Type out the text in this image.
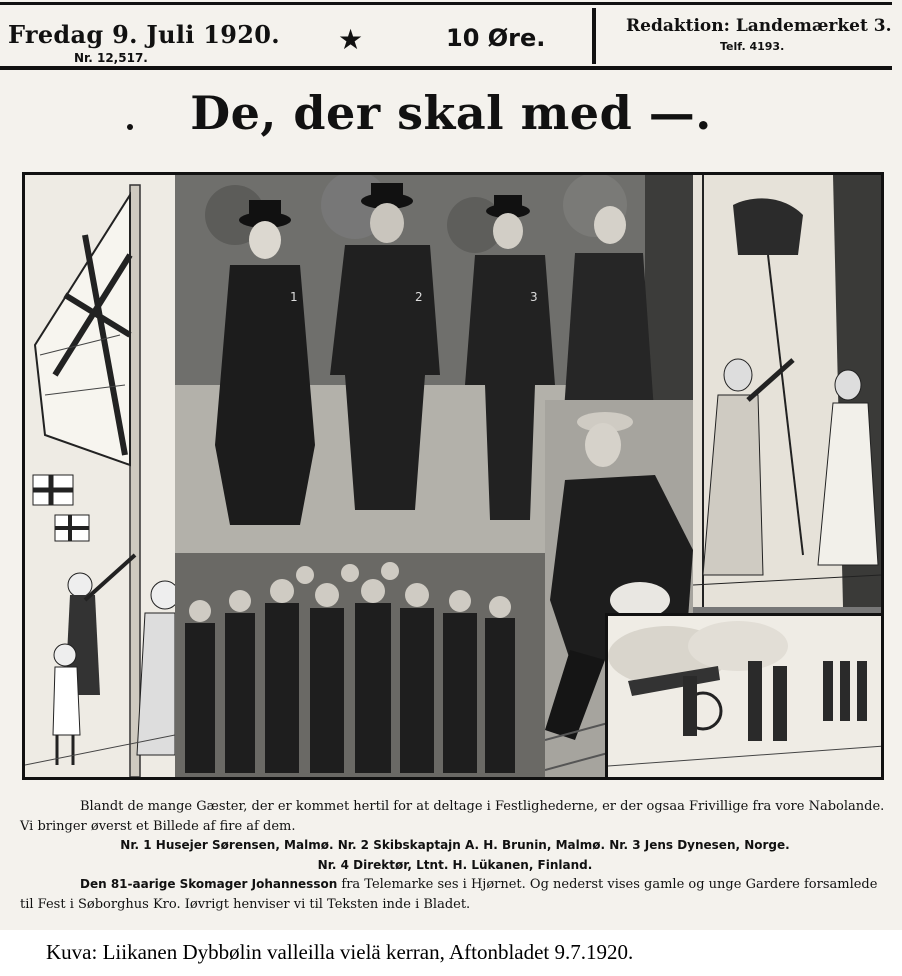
Fredag 9. Juli 1920.
Nr. 12,517.
★	10 Øre.	Redaktion: Landemærket 3.
Telf. 4193.
De, der skal med —.
1	2	3

Blandt de mange Gæster, der er kommet hertil for at deltage i Festlighederne, er der ogsaa Frivillige fra vore Nabolande. Vi bringer øverst et Billede af fire af dem.

Nr. 1 Husejer Sørensen, Malmø. Nr. 2 Skibskaptajn A. H. Brunin, Malmø. Nr. 3 Jens Dynesen, Norge.

Nr. 4 Direktør, Ltnt. H. Lükanen, Finland.

Den 81-aarige Skomager Johannesson fra Telemarke ses i Hjørnet. Og nederst vises gamle og unge Gardere forsamlede til Fest i Søborghus Kro. Iøvrigt henviser vi til Teksten inde i Bladet.

Kuva: Liikanen Dybbølin valleilla vielä kerran, Aftonbladet 9.7.1920.
